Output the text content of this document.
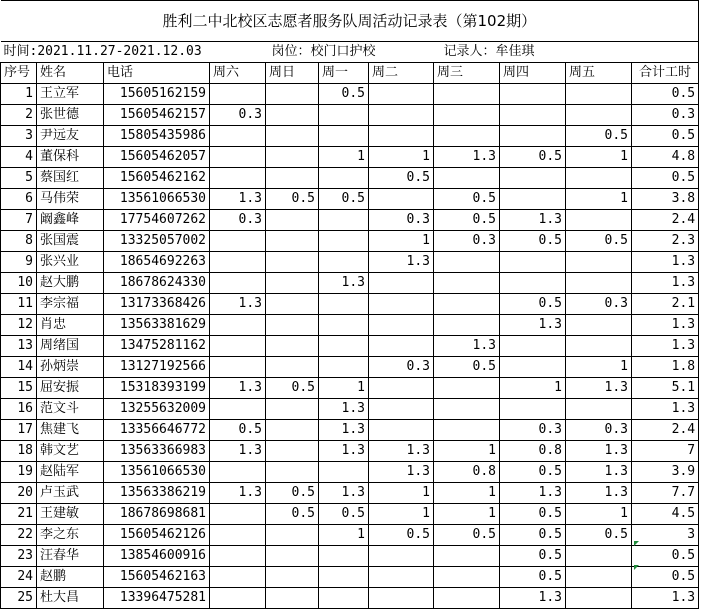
胜利二中北校区志愿者服务队周活动记录表（第102期）										
时间:2021.11.27-2021.12.03				岗位：校门口护校			记录人：牟佳琪			
序号	姓名	电话	周六	周日	周一	周二	周三	周四	周五	合计工时
1	王立军	15605162159			0.5					0.5
2	张世德	15605462157	0.3							0.3
3	尹远友	15805435986							0.5	0.5
4	董保科	15605462057			1	1	1.3	0.5	1	4.8
5	蔡国红	15605462162				0.5				0.5
6	马伟荣	13561066530	1.3	0.5	0.5		0.5		1	3.8
7	阚鑫峰	17754607262	0.3			0.3	0.5	1.3		2.4
8	张国震	13325057002				1	0.3	0.5	0.5	2.3
9	张兴业	18654692263				1.3				1.3
10	赵大鹏	18678624330			1.3					1.3
11	李宗福	13173368426	1.3					0.5	0.3	2.1
12	肖忠	13563381629						1.3		1.3
13	周绪国	13475281162					1.3			1.3
14	孙炳崇	13127192566				0.3	0.5		1	1.8
15	屈安振	15318393199	1.3	0.5	1			1	1.3	5.1
16	范文斗	13255632009			1.3					1.3
17	焦建飞	13356646772	0.5		1.3			0.3	0.3	2.4
18	韩文艺	13563366983	1.3		1.3	1.3	1	0.8	1.3	7
19	赵陆军	13561066530				1.3	0.8	0.5	1.3	3.9
20	卢玉武	13563386219	1.3	0.5	1.3	1	1	1.3	1.3	7.7
21	王建敏	18678698681		0.5	0.5	1	1	0.5	1	4.5
22	李之东	15605462126			1	0.5	0.5	0.5	0.5	3
23	汪春华	13854600916						0.5		0.5
24	赵鹏	15605462163						0.5		0.5
25	杜大昌	13396475281						1.3		1.3
